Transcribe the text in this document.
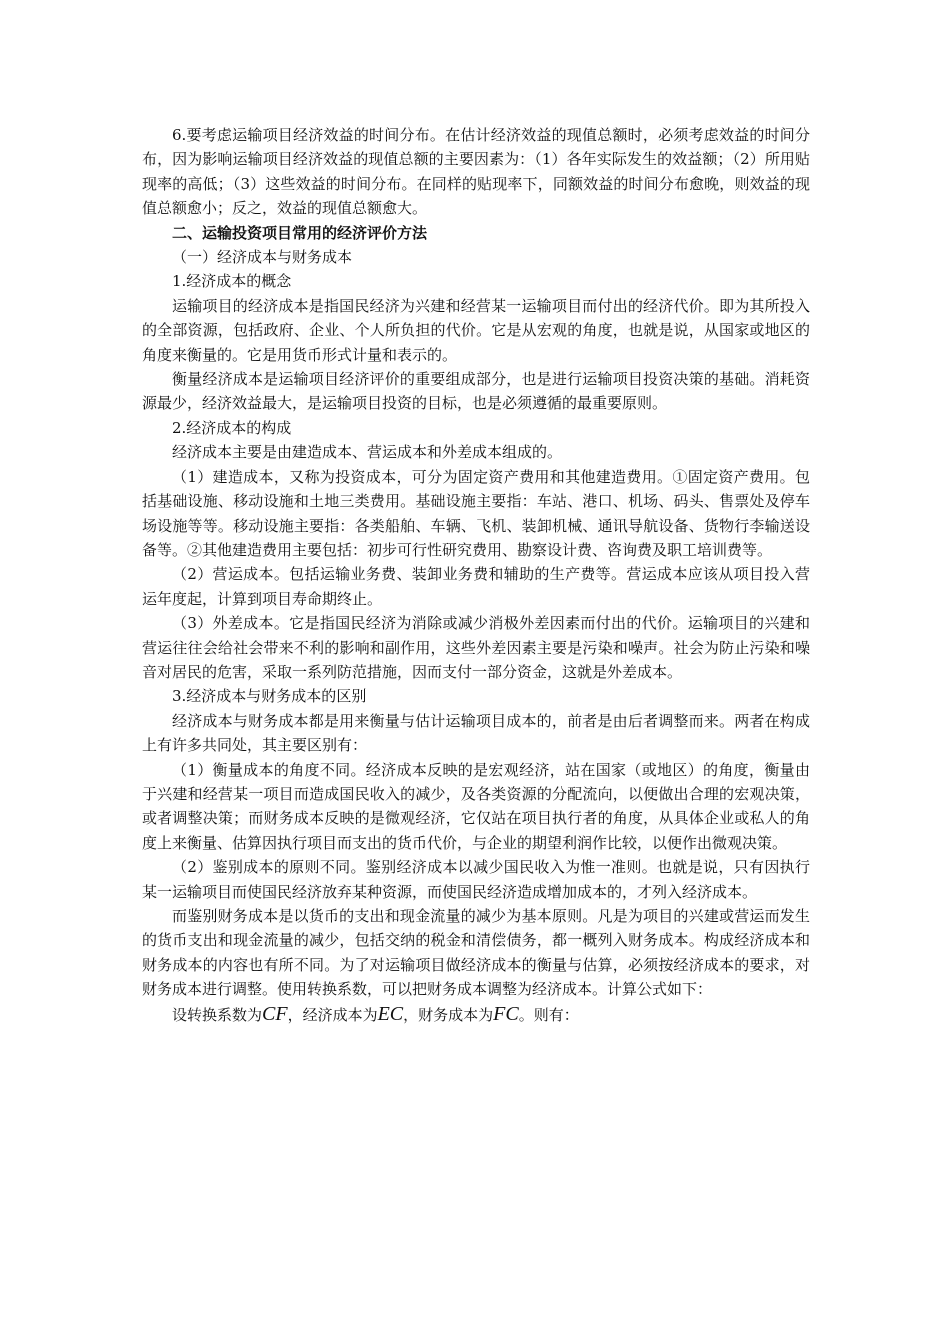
6.要考虑运输项目经济效益的时间分布。在估计经济效益的现值总额时，必须考虑效益的时间分布，因为影响运输项目经济效益的现值总额的主要因素为：（1）各年实际发生的效益额；（2）所用贴现率的高低；（3）这些效益的时间分布。在同样的贴现率下，同额效益的时间分布愈晚，则效益的现值总额愈小；反之，效益的现值总额愈大。

二、运输投资项目常用的经济评价方法

（一）经济成本与财务成本

1.经济成本的概念

运输项目的经济成本是指国民经济为兴建和经营某一运输项目而付出的经济代价。即为其所投入的全部资源，包括政府、企业、个人所负担的代价。它是从宏观的角度，也就是说，从国家或地区的角度来衡量的。它是用货币形式计量和表示的。

衡量经济成本是运输项目经济评价的重要组成部分，也是进行运输项目投资决策的基础。消耗资源最少，经济效益最大，是运输项目投资的目标，也是必须遵循的最重要原则。

2.经济成本的构成

经济成本主要是由建造成本、营运成本和外差成本组成的。

（1）建造成本，又称为投资成本，可分为固定资产费用和其他建造费用。①固定资产费用。包括基础设施、移动设施和土地三类费用。基础设施主要指：车站、港口、机场、码头、售票处及停车场设施等等。移动设施主要指：各类船舶、车辆、飞机、装卸机械、通讯导航设备、货物行李输送设备等。②其他建造费用主要包括：初步可行性研究费用、勘察设计费、咨询费及职工培训费等。

（2）营运成本。包括运输业务费、装卸业务费和辅助的生产费等。营运成本应该从项目投入营运年度起，计算到项目寿命期终止。

（3）外差成本。它是指国民经济为消除或减少消极外差因素而付出的代价。运输项目的兴建和营运往往会给社会带来不利的影响和副作用，这些外差因素主要是污染和噪声。社会为防止污染和噪音对居民的危害，采取一系列防范措施，因而支付一部分资金，这就是外差成本。

3.经济成本与财务成本的区别

经济成本与财务成本都是用来衡量与估计运输项目成本的，前者是由后者调整而来。两者在构成上有许多共同处，其主要区别有：

（1）衡量成本的角度不同。经济成本反映的是宏观经济，站在国家（或地区）的角度，衡量由于兴建和经营某一项目而造成国民收入的减少，及各类资源的分配流向，以便做出合理的宏观决策，或者调整决策；而财务成本反映的是微观经济，它仅站在项目执行者的角度，从具体企业或私人的角度上来衡量、估算因执行项目而支出的货币代价，与企业的期望利润作比较，以便作出微观决策。

（2）鉴别成本的原则不同。鉴别经济成本以减少国民收入为惟一准则。也就是说，只有因执行某一运输项目而使国民经济放弃某种资源，而使国民经济造成增加成本的，才列入经济成本。

而鉴别财务成本是以货币的支出和现金流量的减少为基本原则。凡是为项目的兴建或营运而发生的货币支出和现金流量的减少，包括交纳的税金和清偿债务，都一概列入财务成本。构成经济成本和财务成本的内容也有所不同。为了对运输项目做经济成本的衡量与估算，必须按经济成本的要求，对财务成本进行调整。使用转换系数，可以把财务成本调整为经济成本。计算公式如下：

设转换系数为CF，经济成本为EC，财务成本为FC。则有：
